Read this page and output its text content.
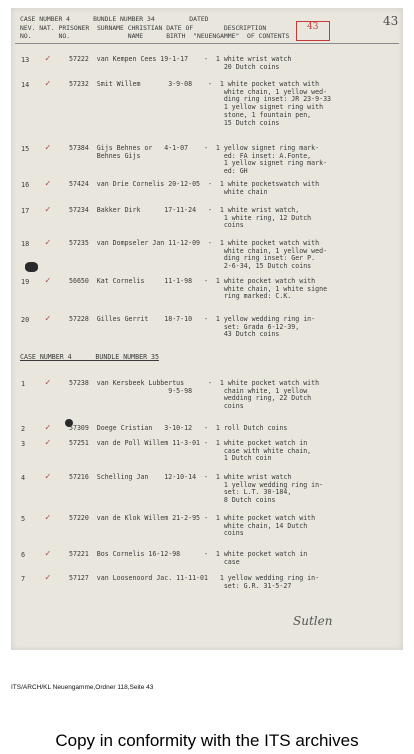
43
43
CASE NUMBER 4      BUNDLE NUMBER 34         DATED
NEV. NAT. PRISONER  SURNAME CHRISTIAN DATE OF        DESCRIPTION
NO.       NO.               NAME      BIRTH  "NEUENGAMME"  OF CONTENTS
CASE NUMBER 4      BUNDLE NUMBER 35
Sutlen
13 ✓	57222  van Kempen Cees 19-1-17    -  1 white wrist watch
20 Dutch coins
14 ✓	57232  Smit Willem       3-9-08    -  1 white pocket watch with
white chain, 1 yellow wed-
ding ring inset: JR 23-9-33
1 yellow signet ring with
stone, 1 fountain pen,
15 Dutch coins
15 ✓	57384  Gijs Behnes or   4-1-07    -  1 yellow signet ring mark-
Behnes Gijs                     ed: FA inset: A.Fonte,
1 yellow signet ring mark-
ed: GH
16 ✓	57424  van Drie Cornelis 20-12-05  -  1 white pocketswatch with
white chain
17 ✓	57234  Bakker Dirk      17-11-24   -  1 white wrist watch,
1 white ring, 12 Dutch
coins
18 ✓	57235  van Dompseler Jan 11-12-09  -  1 white pocket watch with
white chain, 1 yellow wed-
ding ring inset: Ger P.
2-6-34, 15 Dutch coins
19 ✓	56650  Kat Cornelis     11-1-98   -  1 white pocket watch with
white chain, 1 white signe
ring marked: C.K.
20 ✓	57228  Gilles Gerrit    18-7-10   -  1 yellow wedding ring in-
set: Grada 6-12-39,
43 Dutch coins
1 ✓	57238  van Kersbeek Lubbertus      -  1 white pocket watch with
9-5-98        chain white, 1 yellow
wedding ring, 22 Dutch
coins
2 ✓	57309  Doege Cristian   3-10-12   -  1 roll Dutch coins
3 ✓	57251  van de Poll Willem 11-3-01 -  1 white pocket watch in
case with white chain,
1 Dutch coin
4 ✓	57216  Schelling Jan    12-10-14  -  1 white wrist watch
1 yellow wedding ring in-
set: L.T. 30-184,
8 Dutch coins
5 ✓	57220  van de Klok Willem 21-2-95 -  1 white pocket watch with
white chain, 14 Dutch
coins
6 ✓	57221  Bos Cornelis 16-12-98      -  1 white pocket watch in
case
7 ✓	57127  van Loosenoord Jac. 11-11-01   1 yellow wedding ring in-
set: G.R. 31-5-27
ITS/ARCH/KL Neuengamme,Ordner 118,Seite 43
Copy in conformity with the ITS archives
